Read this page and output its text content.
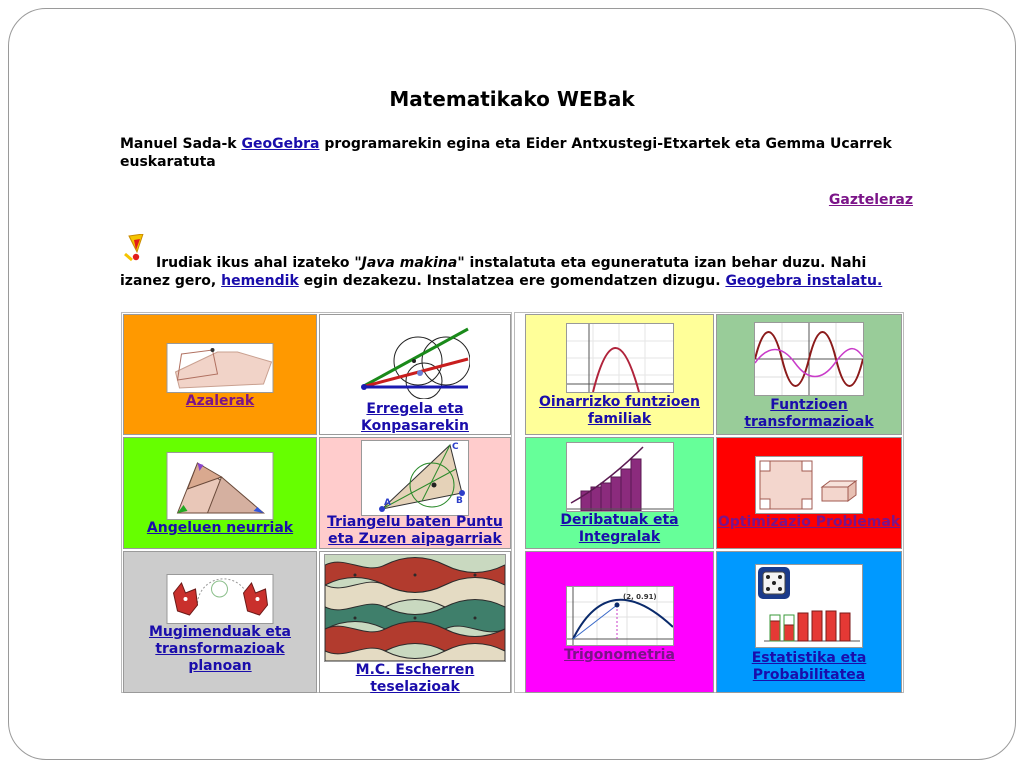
Matematikako WEBak
Manuel Sada-k GeoGebra programarekin egina eta Eider Antxustegi-Etxartek eta Gemma Ucarrek euskaratuta
Gazteleraz
Irudiak ikus ahal izateko "Java makina" instalatuta eta eguneratuta izan behar duzu. Nahi izanez gero, hemendik egin dezakezu. Instalatzea ere gomendatzen dizugu. Geogebra instalatu.
Azalerak	Erregela eta Konpasarekin
Oinarrizko funtzioen familiak
Funtzioen transformazioak
Angeluen neurriak
A	B
C
Triangelu baten Puntu eta Zuzen aipagarriak
Deribatuak eta Integralak
Optimizazio Problemak
Mugimenduak eta transformazioak planoan	M.C. Escherren teselazioak
(2, 0.91)
Trigonometria	Estatistika eta Probabilitatea
